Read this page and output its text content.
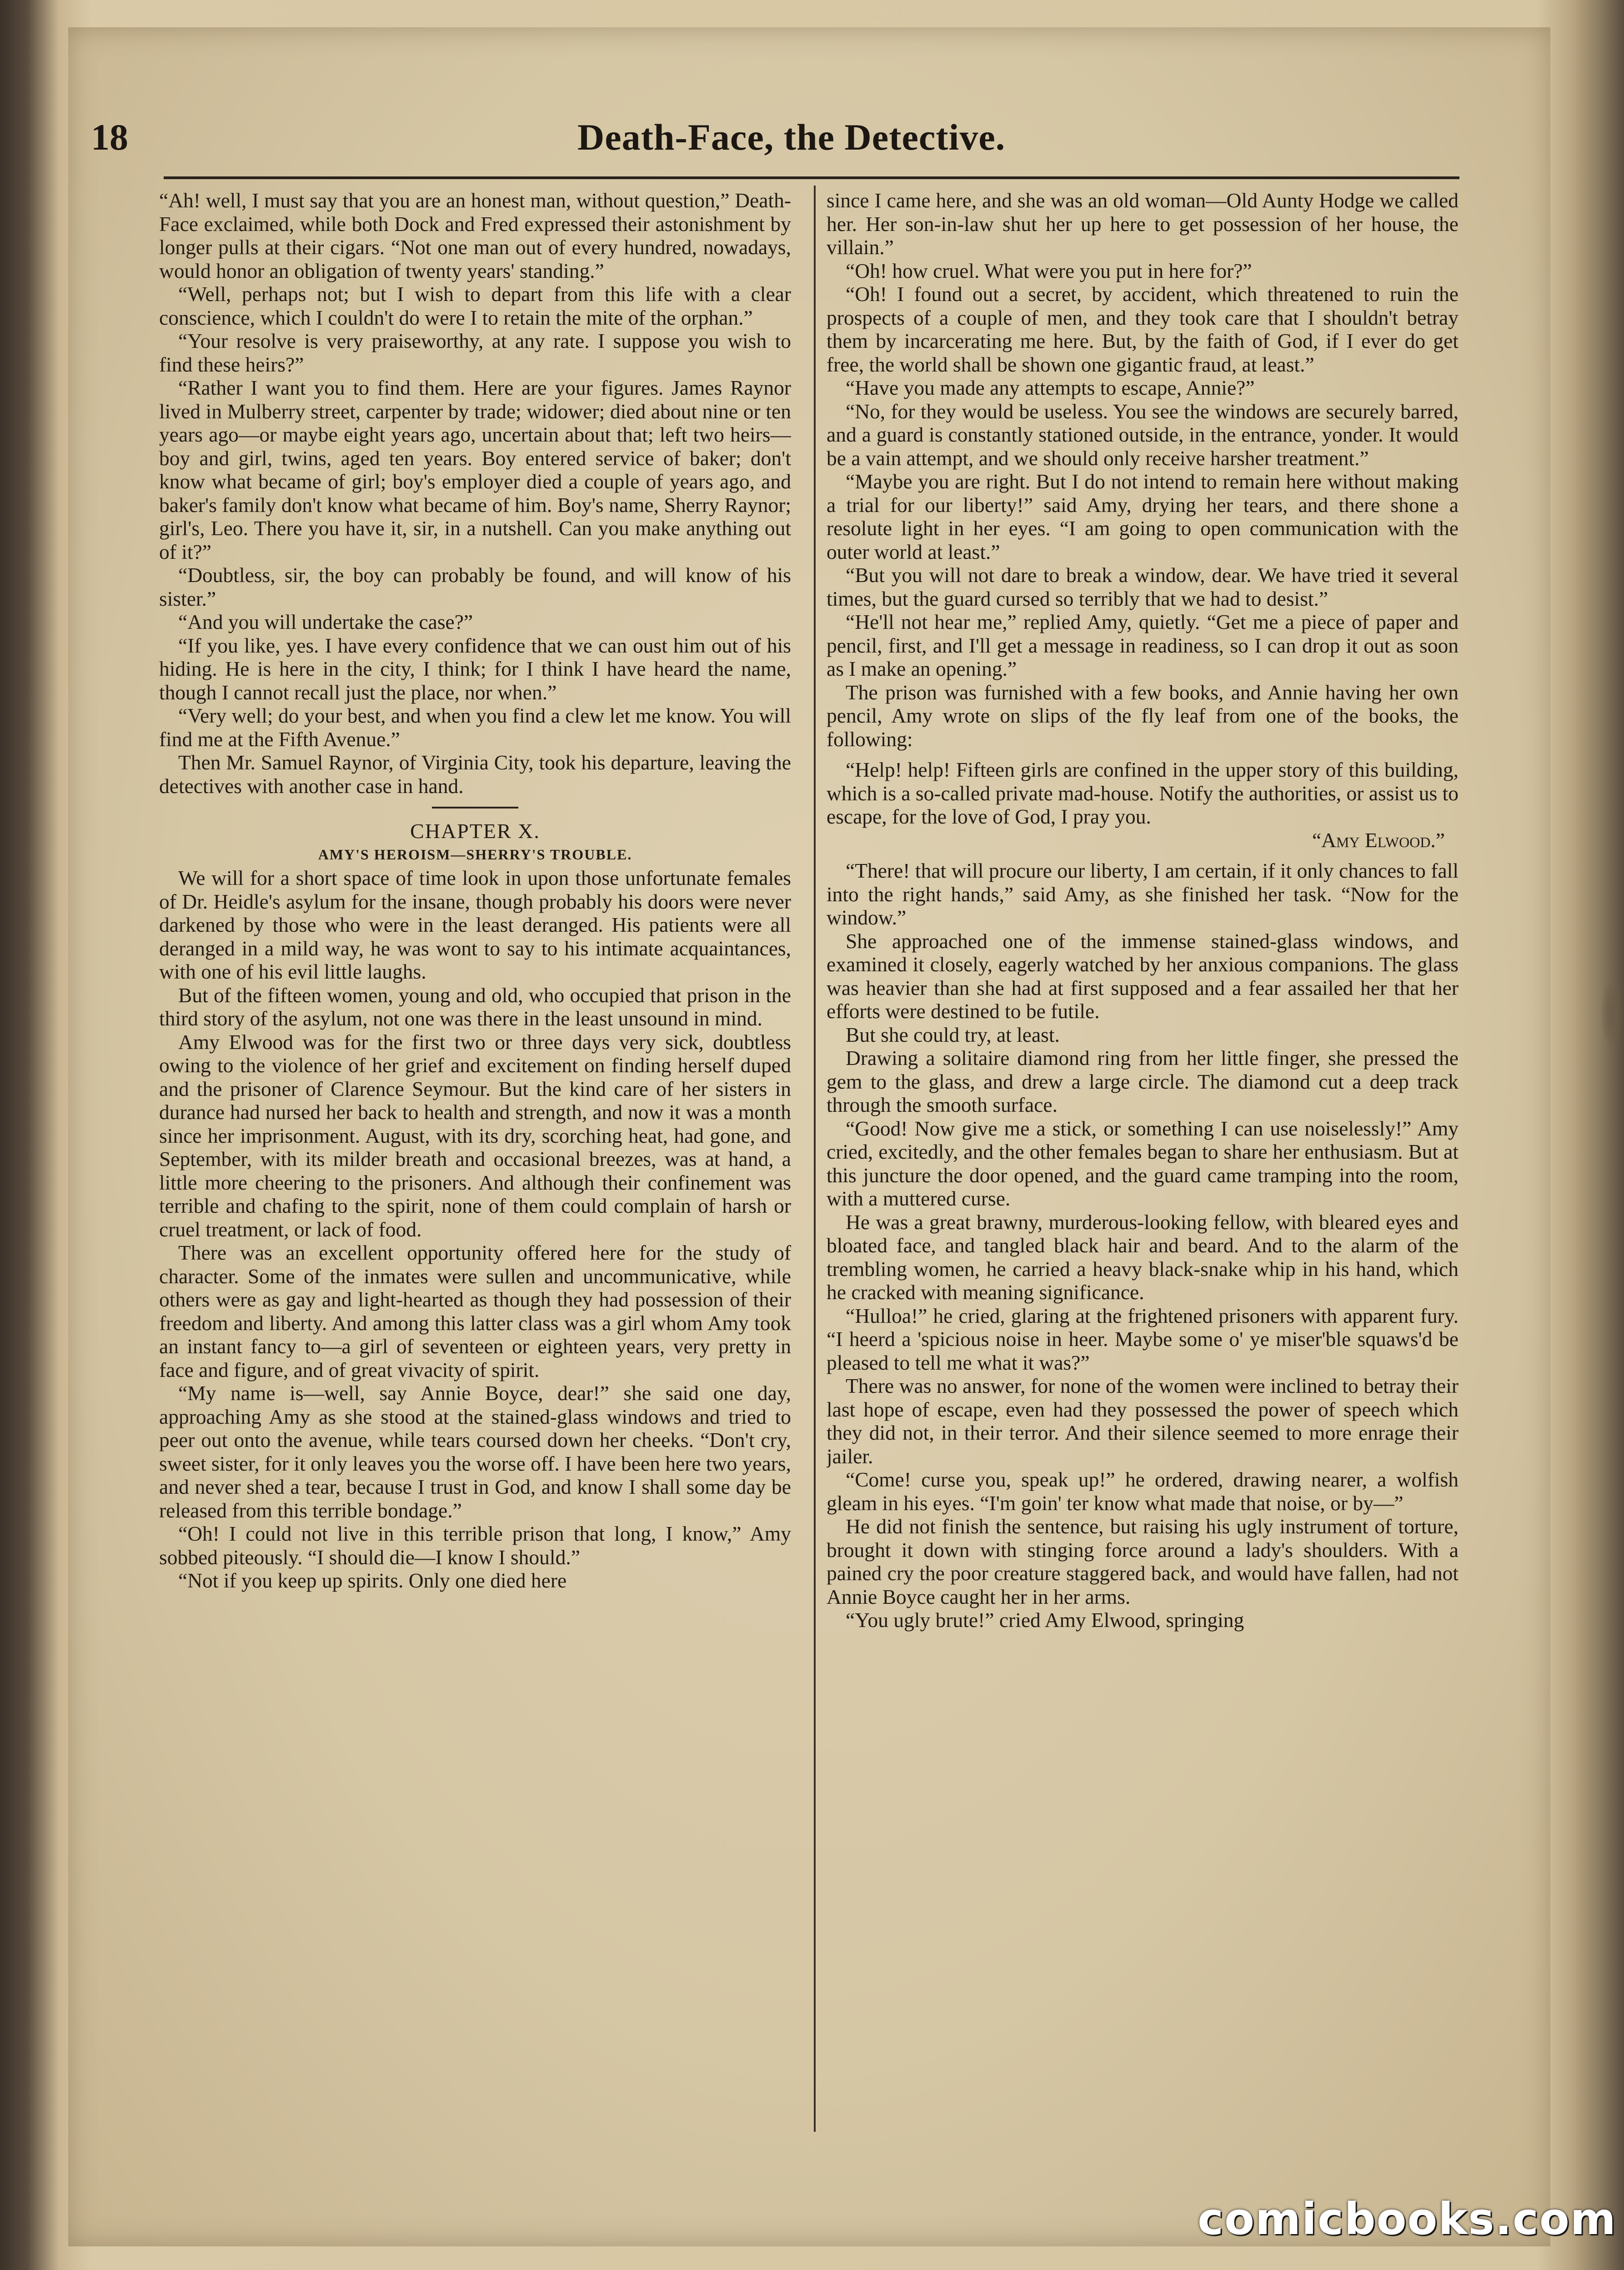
18	Death-Face, the Detective.

“Ah! well, I must say that you are an honest man, without question,” Death-Face exclaimed, while both Dock and Fred expressed their astonishment by longer pulls at their cigars. “Not one man out of every hundred, nowadays, would honor an obligation of twenty years' standing.”

“Well, perhaps not; but I wish to depart from this life with a clear conscience, which I couldn't do were I to retain the mite of the orphan.”

“Your resolve is very praiseworthy, at any rate. I suppose you wish to find these heirs?”

“Rather I want you to find them. Here are your figures. James Raynor lived in Mulberry street, carpenter by trade; widower; died about nine or ten years ago—or maybe eight years ago, uncertain about that; left two heirs—boy and girl, twins, aged ten years. Boy entered service of baker; don't know what became of girl; boy's employer died a couple of years ago, and baker's family don't know what became of him. Boy's name, Sherry Raynor; girl's, Leo. There you have it, sir, in a nutshell. Can you make anything out of it?”

“Doubtless, sir, the boy can probably be found, and will know of his sister.”

“And you will undertake the case?”

“If you like, yes. I have every confidence that we can oust him out of his hiding. He is here in the city, I think; for I think I have heard the name, though I cannot recall just the place, nor when.”

“Very well; do your best, and when you find a clew let me know. You will find me at the Fifth Avenue.”

Then Mr. Samuel Raynor, of Virginia City, took his departure, leaving the detectives with another case in hand.

CHAPTER X.

AMY'S HEROISM—SHERRY'S TROUBLE.

We will for a short space of time look in upon those unfortunate females of Dr. Heidle's asylum for the insane, though probably his doors were never darkened by those who were in the least deranged. His patients were all deranged in a mild way, he was wont to say to his intimate acquaintances, with one of his evil little laughs.

But of the fifteen women, young and old, who occupied that prison in the third story of the asylum, not one was there in the least unsound in mind.

Amy Elwood was for the first two or three days very sick, doubtless owing to the violence of her grief and excitement on finding herself duped and the prisoner of Clarence Seymour. But the kind care of her sisters in durance had nursed her back to health and strength, and now it was a month since her imprisonment. August, with its dry, scorching heat, had gone, and September, with its milder breath and occasional breezes, was at hand, a little more cheering to the prisoners. And although their confinement was terrible and chafing to the spirit, none of them could complain of harsh or cruel treatment, or lack of food.

There was an excellent opportunity offered here for the study of character. Some of the inmates were sullen and uncommunicative, while others were as gay and light-hearted as though they had possession of their freedom and liberty. And among this latter class was a girl whom Amy took an instant fancy to—a girl of seventeen or eighteen years, very pretty in face and figure, and of great vivacity of spirit.

“My name is—well, say Annie Boyce, dear!” she said one day, approaching Amy as she stood at the stained-glass windows and tried to peer out onto the avenue, while tears coursed down her cheeks. “Don't cry, sweet sister, for it only leaves you the worse off. I have been here two years, and never shed a tear, because I trust in God, and know I shall some day be released from this terrible bondage.”

“Oh! I could not live in this terrible prison that long, I know,” Amy sobbed piteously. “I should die—I know I should.”

“Not if you keep up spirits. Only one died here

since I came here, and she was an old woman—Old Aunty Hodge we called her. Her son-in-law shut her up here to get possession of her house, the villain.”

“Oh! how cruel. What were you put in here for?”

“Oh! I found out a secret, by accident, which threatened to ruin the prospects of a couple of men, and they took care that I shouldn't betray them by incarcerating me here. But, by the faith of God, if I ever do get free, the world shall be shown one gigantic fraud, at least.”

“Have you made any attempts to escape, Annie?”

“No, for they would be useless. You see the windows are securely barred, and a guard is constantly stationed outside, in the entrance, yonder. It would be a vain attempt, and we should only receive harsher treatment.”

“Maybe you are right. But I do not intend to remain here without making a trial for our liberty!” said Amy, drying her tears, and there shone a resolute light in her eyes. “I am going to open communication with the outer world at least.”

“But you will not dare to break a window, dear. We have tried it several times, but the guard cursed so terribly that we had to desist.”

“He'll not hear me,” replied Amy, quietly. “Get me a piece of paper and pencil, first, and I'll get a message in readiness, so I can drop it out as soon as I make an opening.”

The prison was furnished with a few books, and Annie having her own pencil, Amy wrote on slips of the fly leaf from one of the books, the following:

“Help! help! Fifteen girls are confined in the upper story of this building, which is a so-called private mad-house. Notify the authorities, or assist us to escape, for the love of God, I pray you.

“Amy Elwood.”

“There! that will procure our liberty, I am certain, if it only chances to fall into the right hands,” said Amy, as she finished her task. “Now for the window.”

She approached one of the immense stained-glass windows, and examined it closely, eagerly watched by her anxious companions. The glass was heavier than she had at first supposed and a fear assailed her that her efforts were destined to be futile.

But she could try, at least.

Drawing a solitaire diamond ring from her little finger, she pressed the gem to the glass, and drew a large circle. The diamond cut a deep track through the smooth surface.

“Good! Now give me a stick, or something I can use noiselessly!” Amy cried, excitedly, and the other females began to share her enthusiasm. But at this juncture the door opened, and the guard came tramping into the room, with a muttered curse.

He was a great brawny, murderous-looking fellow, with bleared eyes and bloated face, and tangled black hair and beard. And to the alarm of the trembling women, he carried a heavy black-snake whip in his hand, which he cracked with meaning significance.

“Hulloa!” he cried, glaring at the frightened prisoners with apparent fury. “I heerd a 'spicious noise in heer. Maybe some o' ye miser'ble squaws'd be pleased to tell me what it was?”

There was no answer, for none of the women were inclined to betray their last hope of escape, even had they possessed the power of speech which they did not, in their terror. And their silence seemed to more enrage their jailer.

“Come! curse you, speak up!” he ordered, drawing nearer, a wolfish gleam in his eyes. “I'm goin' ter know what made that noise, or by—”

He did not finish the sentence, but raising his ugly instrument of torture, brought it down with stinging force around a lady's shoulders. With a pained cry the poor creature staggered back, and would have fallen, had not Annie Boyce caught her in her arms.

“You ugly brute!” cried Amy Elwood, springing

comicbooks.com
